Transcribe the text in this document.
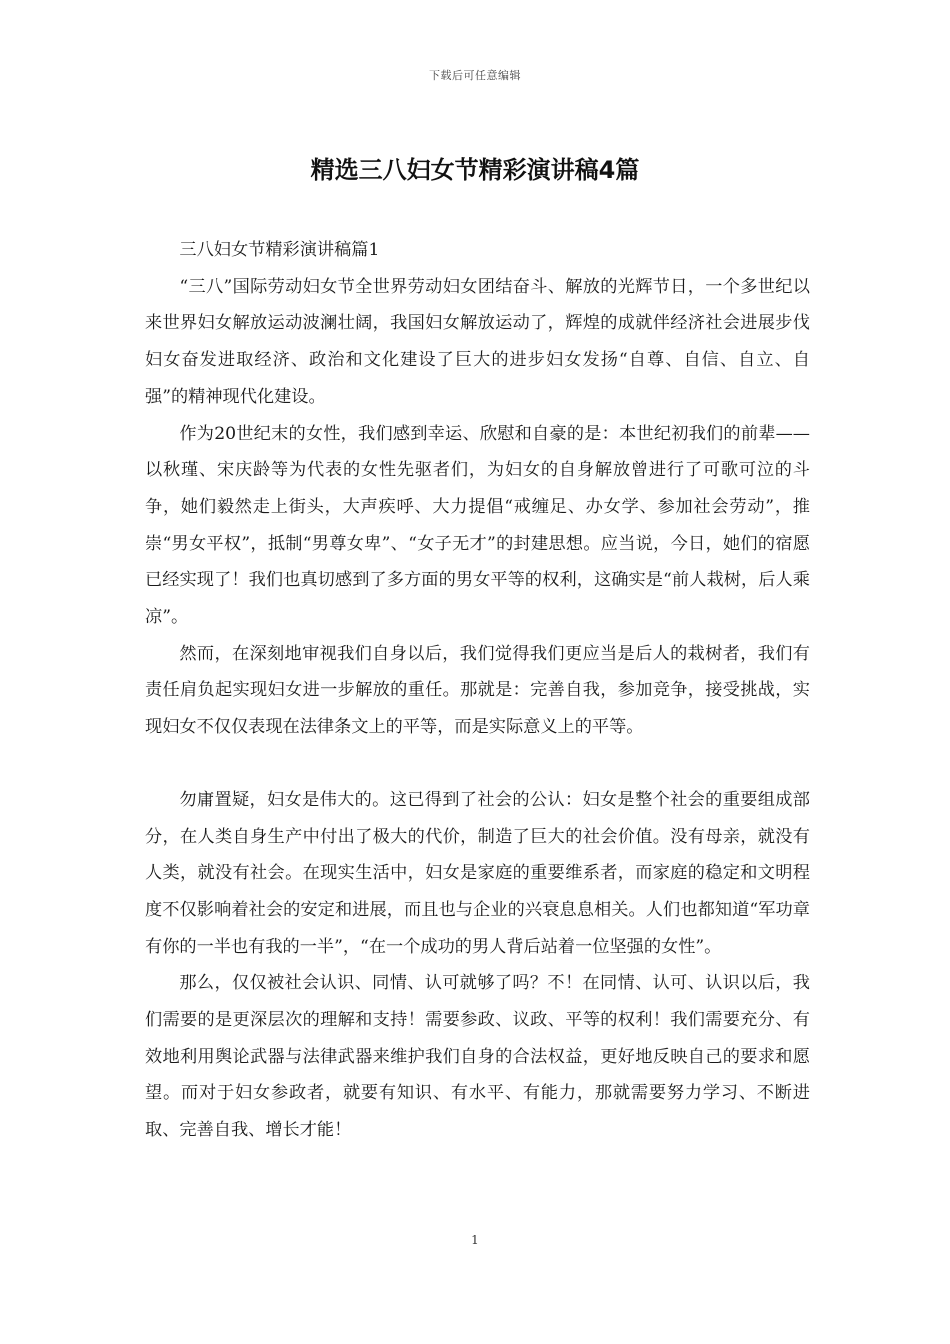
下载后可任意编辑
精选三八妇女节精彩演讲稿4篇

三八妇女节精彩演讲稿篇1

“三八”国际劳动妇女节全世界劳动妇女团结奋斗、解放的光辉节日，一个多世纪以来世界妇女解放运动波澜壮阔，我国妇女解放运动了，辉煌的成就伴经济社会进展步伐妇女奋发进取经济、政治和文化建设了巨大的进步妇女发扬“自尊、自信、自立、自强”的精神现代化建设。

作为20世纪末的女性，我们感到幸运、欣慰和自豪的是：本世纪初我们的前辈——以秋瑾、宋庆龄等为代表的女性先驱者们，为妇女的自身解放曾进行了可歌可泣的斗争，她们毅然走上街头，大声疾呼、大力提倡“戒缠足、办女学、参加社会劳动”，推崇“男女平权”，抵制“男尊女卑”、“女子无才”的封建思想。应当说，今日，她们的宿愿已经实现了！我们也真切感到了多方面的男女平等的权利，这确实是“前人栽树，后人乘凉”。

然而，在深刻地审视我们自身以后，我们觉得我们更应当是后人的栽树者，我们有责任肩负起实现妇女进一步解放的重任。那就是：完善自我，参加竞争，接受挑战，实现妇女不仅仅表现在法律条文上的平等，而是实际意义上的平等。

勿庸置疑，妇女是伟大的。这已得到了社会的公认：妇女是整个社会的重要组成部分，在人类自身生产中付出了极大的代价，制造了巨大的社会价值。没有母亲，就没有人类，就没有社会。在现实生活中，妇女是家庭的重要维系者，而家庭的稳定和文明程度不仅影响着社会的安定和进展，而且也与企业的兴衰息息相关。人们也都知道“军功章有你的一半也有我的一半”，“在一个成功的男人背后站着一位坚强的女性”。

那么，仅仅被社会认识、同情、认可就够了吗？不！在同情、认可、认识以后，我们需要的是更深层次的理解和支持！需要参政、议政、平等的权利！我们需要充分、有效地利用舆论武器与法律武器来维护我们自身的合法权益，更好地反映自己的要求和愿望。而对于妇女参政者，就要有知识、有水平、有能力，那就需要努力学习、不断进取、完善自我、增长才能！

1
